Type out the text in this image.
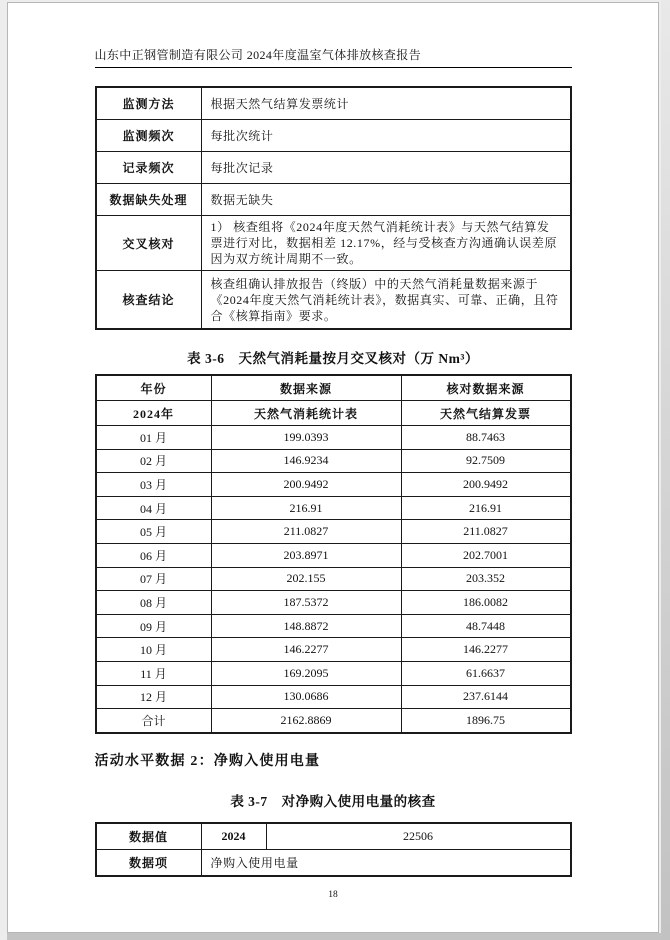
山东中正钢管制造有限公司 2024年度温室气体排放核查报告
监测方法	根据天然气结算发票统计
监测频次	每批次统计
记录频次	每批次记录
数据缺失处理	数据无缺失
交叉核对	1） 核查组将《2024年度天然气消耗统计表》与天然气结算发票进行对比，数据相差 12.17%，经与受核查方沟通确认误差原因为双方统计周期不一致。
核查结论	核查组确认排放报告（终版）中的天然气消耗量数据来源于《2024年度天然气消耗统计表》，数据真实、可靠、正确，且符合《核算指南》要求。
表 3-6　天然气消耗量按月交叉核对（万 Nm³）
年份	数据来源	核对数据来源
2024年	天然气消耗统计表	天然气结算发票
01 月	199.0393	88.7463
02 月	146.9234	92.7509
03 月	200.9492	200.9492
04 月	216.91	216.91
05 月	211.0827	211.0827
06 月	203.8971	202.7001
07 月	202.155	203.352
08 月	187.5372	186.0082
09 月	148.8872	48.7448
10 月	146.2277	146.2277
11 月	169.2095	61.6637
12 月	130.0686	237.6144
合计	2162.8869	1896.75
活动水平数据 2：净购入使用电量
表 3-7　对净购入使用电量的核查
数据值	2024	22506
数据项	净购入使用电量	
18
